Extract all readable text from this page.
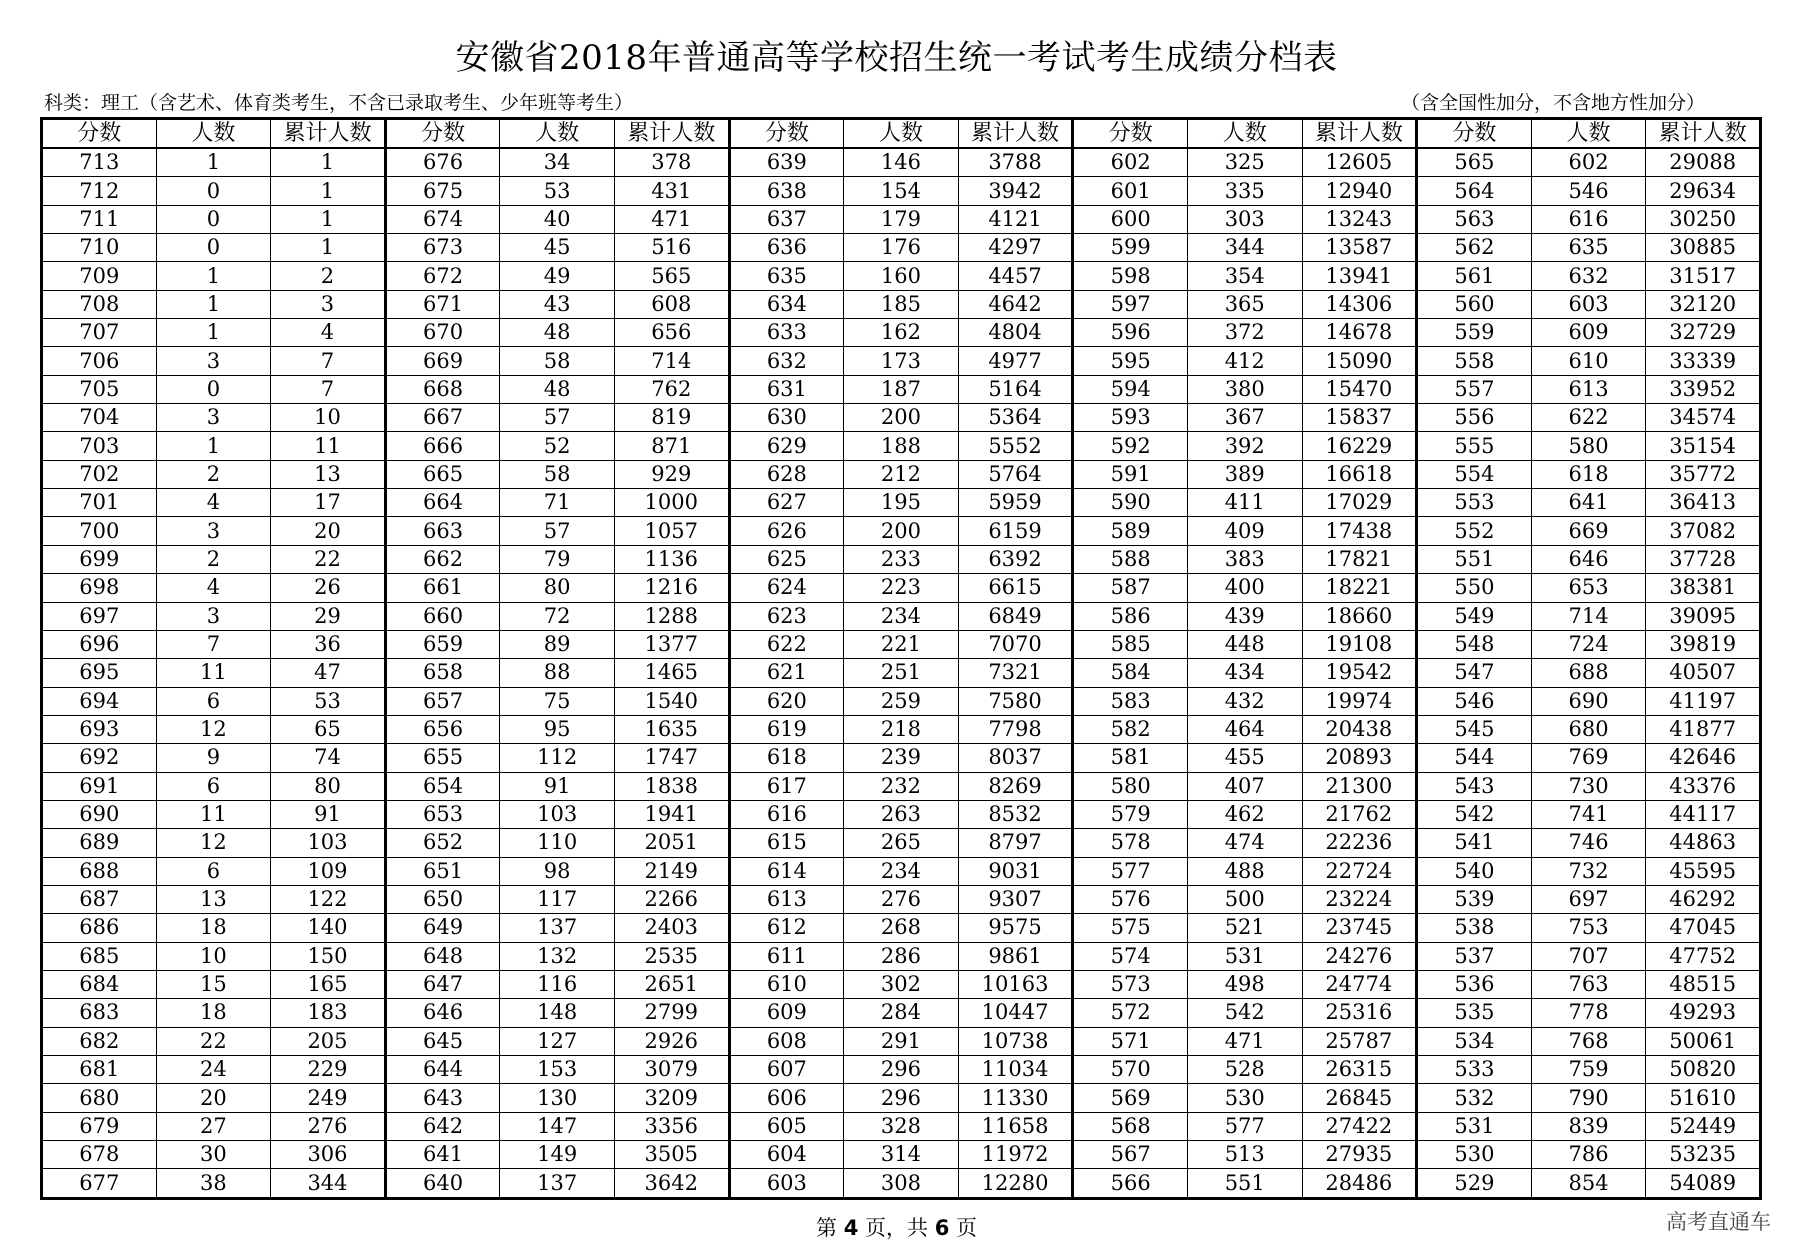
安徽省2018年普通高等学校招生统一考试考生成绩分档表
科类：理工（含艺术、体育类考生，不含已录取考生、少年班等考生）	（含全国性加分，不含地方性加分）
分数	人数	累计人数	分数	人数	累计人数	分数	人数	累计人数	分数	人数	累计人数	分数	人数	累计人数
713	1	1	676	34	378	639	146	3788	602	325	12605	565	602	29088
712	0	1	675	53	431	638	154	3942	601	335	12940	564	546	29634
711	0	1	674	40	471	637	179	4121	600	303	13243	563	616	30250
710	0	1	673	45	516	636	176	4297	599	344	13587	562	635	30885
709	1	2	672	49	565	635	160	4457	598	354	13941	561	632	31517
708	1	3	671	43	608	634	185	4642	597	365	14306	560	603	32120
707	1	4	670	48	656	633	162	4804	596	372	14678	559	609	32729
706	3	7	669	58	714	632	173	4977	595	412	15090	558	610	33339
705	0	7	668	48	762	631	187	5164	594	380	15470	557	613	33952
704	3	10	667	57	819	630	200	5364	593	367	15837	556	622	34574
703	1	11	666	52	871	629	188	5552	592	392	16229	555	580	35154
702	2	13	665	58	929	628	212	5764	591	389	16618	554	618	35772
701	4	17	664	71	1000	627	195	5959	590	411	17029	553	641	36413
700	3	20	663	57	1057	626	200	6159	589	409	17438	552	669	37082
699	2	22	662	79	1136	625	233	6392	588	383	17821	551	646	37728
698	4	26	661	80	1216	624	223	6615	587	400	18221	550	653	38381
697	3	29	660	72	1288	623	234	6849	586	439	18660	549	714	39095
696	7	36	659	89	1377	622	221	7070	585	448	19108	548	724	39819
695	11	47	658	88	1465	621	251	7321	584	434	19542	547	688	40507
694	6	53	657	75	1540	620	259	7580	583	432	19974	546	690	41197
693	12	65	656	95	1635	619	218	7798	582	464	20438	545	680	41877
692	9	74	655	112	1747	618	239	8037	581	455	20893	544	769	42646
691	6	80	654	91	1838	617	232	8269	580	407	21300	543	730	43376
690	11	91	653	103	1941	616	263	8532	579	462	21762	542	741	44117
689	12	103	652	110	2051	615	265	8797	578	474	22236	541	746	44863
688	6	109	651	98	2149	614	234	9031	577	488	22724	540	732	45595
687	13	122	650	117	2266	613	276	9307	576	500	23224	539	697	46292
686	18	140	649	137	2403	612	268	9575	575	521	23745	538	753	47045
685	10	150	648	132	2535	611	286	9861	574	531	24276	537	707	47752
684	15	165	647	116	2651	610	302	10163	573	498	24774	536	763	48515
683	18	183	646	148	2799	609	284	10447	572	542	25316	535	778	49293
682	22	205	645	127	2926	608	291	10738	571	471	25787	534	768	50061
681	24	229	644	153	3079	607	296	11034	570	528	26315	533	759	50820
680	20	249	643	130	3209	606	296	11330	569	530	26845	532	790	51610
679	27	276	642	147	3356	605	328	11658	568	577	27422	531	839	52449
678	30	306	641	149	3505	604	314	11972	567	513	27935	530	786	53235
677	38	344	640	137	3642	603	308	12280	566	551	28486	529	854	54089
第 4 页，共 6 页	高考直通车
